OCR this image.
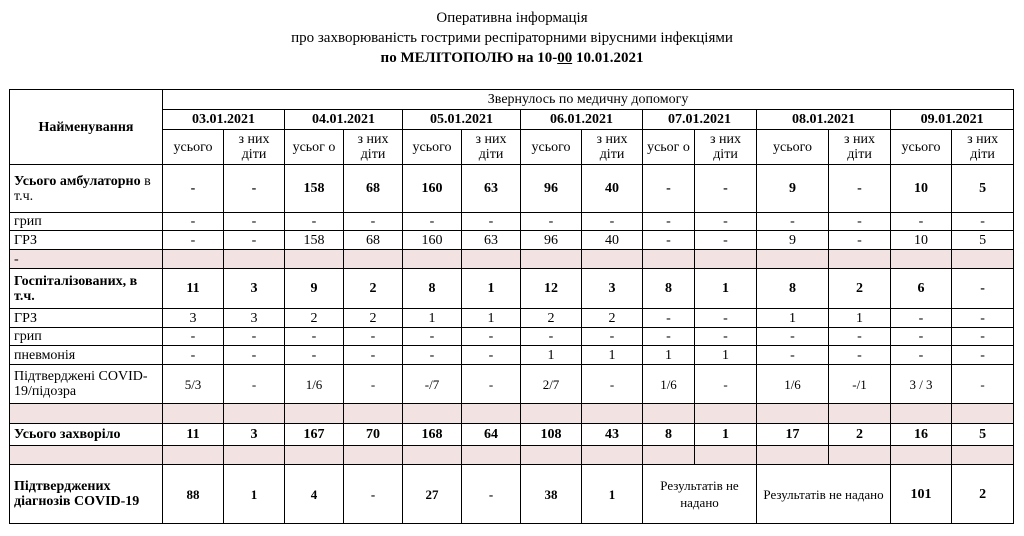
Оперативна інформація
про захворюваність гострими респіраторними вірусними інфекціями
по МЕЛІТОПОЛЮ на 10-00 10.01.2021
Найменування	Звернулось по медичну допомогу													
	03.01.2021		04.01.2021		05.01.2021		06.01.2021		07.01.2021		08.01.2021		09.01.2021	
	усього	з них діти	усьог о	з них діти	усього	з них діти	усього	з них діти	усьог о	з них діти	усього	з них діти	усього	з них діти
Усього амбулаторно в т.ч.	-	-	158	68	160	63	96	40	-	-	9	-	10	5
грип	-	-	-	-	-	-	-	-	-	-	-	-	-	-
ГРЗ	-	-	158	68	160	63	96	40	-	-	9	-	10	5
-														
Госпіталізованих, в т.ч.	11	3	9	2	8	1	12	3	8	1	8	2	6	-
ГРЗ	3	3	2	2	1	1	2	2	-	-	1	1	-	-
грип	-	-	-	-	-	-	-	-	-	-	-	-	-	-
пневмонія	-	-	-	-	-	-	1	1	1	1	-	-	-	-
Підтверджені COVID-19/підозра	5/3	-	1/6	-	-/7	-	2/7	-	1/6	-	1/6	-/1	3 / 3	-

Усього захворіло	11	3	167	70	168	64	108	43	8	1	17	2	16	5

Підтверджених діагнозів COVID-19	88	1	4	-	27	-	38	1	Результатів не надано		Результатів не надано		101	2
